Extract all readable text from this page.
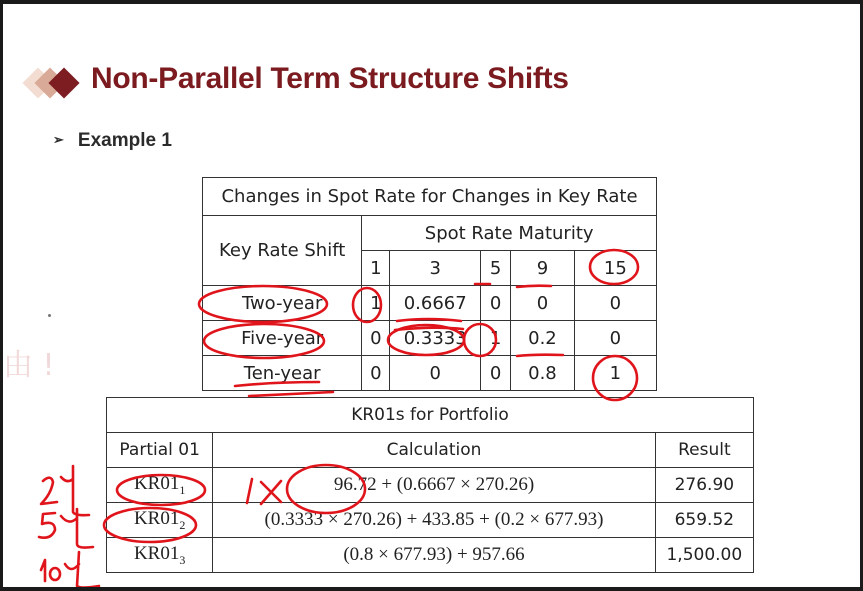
由 !
Non-Parallel Term Structure Shifts
➢ Example 1
Changes in Spot Rate for Changes in Key Rate					
Key Rate Shift	Spot Rate Maturity				
	1	3	5	9	15
Two-year	1	0.6667	0	0	0
Five-year	0	0.3333	1	0.2	0
Ten-year	0	0	0	0.8	1
KR01s for Portfolio		
Partial 01	Calculation	Result
$KR01_1$	96.72 + (0.6667 × 270.26)	276.90
$KR01_2$	(0.3333 × 270.26) + 433.85 + (0.2 × 677.93)	659.52
$KR01_3$	(0.8 × 677.93) + 957.66	1,500.00
